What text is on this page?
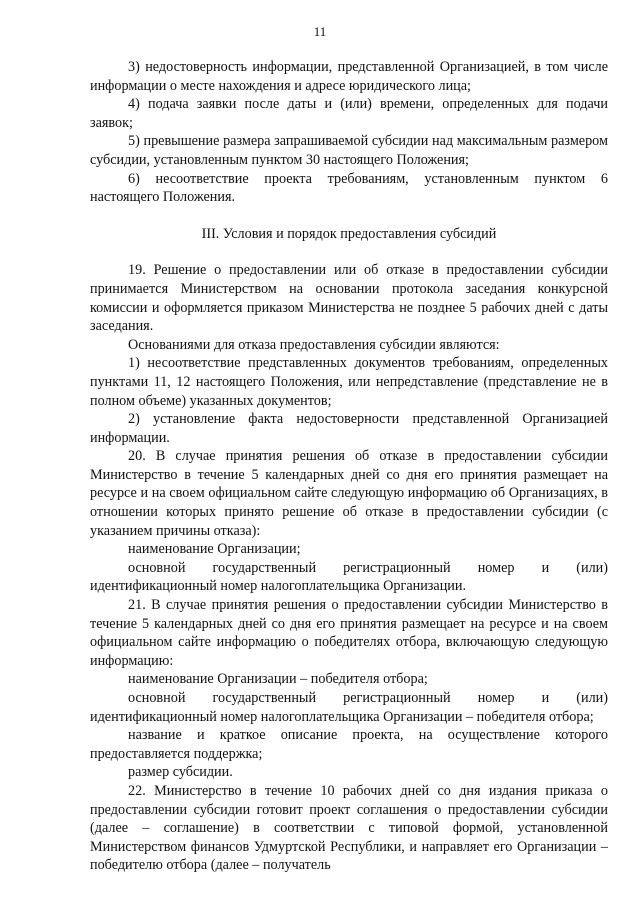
11

3) недостоверность информации, представленной Организацией, в том числе информации о месте нахождения и адресе юридического лица;

4) подача заявки после даты и (или) времени, определенных для подачи заявок;

5) превышение размера запрашиваемой субсидии над максимальным размером субсидии, установленным пунктом 30 настоящего Положения;

6) несоответствие проекта требованиям, установленным пунктом 6 настоящего Положения.

III. Условия и порядок предоставления субсидий

19. Решение о предоставлении или об отказе в предоставлении субсидии принимается Министерством на основании протокола заседания конкурсной комиссии и оформляется приказом Министерства не позднее 5 рабочих дней с даты заседания.

Основаниями для отказа предоставления субсидии являются:

1) несоответствие представленных документов требованиям, определенных пунктами 11, 12 настоящего Положения, или непредставление (представление не в полном объеме) указанных документов;

2) установление факта недостоверности представленной Организацией информации.

20. В случае принятия решения об отказе в предоставлении субсидии Министерство в течение 5 календарных дней со дня его принятия размещает на ресурсе и на своем официальном сайте следующую информацию об Организациях, в отношении которых принято решение об отказе в предоставлении субсидии (с указанием причины отказа):

наименование Организации;

основной государственный регистрационный номер и (или) идентификационный номер налогоплательщика Организации.

21. В случае принятия решения о предоставлении субсидии Министерство в течение 5 календарных дней со дня его принятия размещает на ресурсе и на своем официальном сайте информацию о победителях отбора, включающую следующую информацию:

наименование Организации – победителя отбора;

основной государственный регистрационный номер и (или) идентификационный номер налогоплательщика Организации – победителя отбора;

название и краткое описание проекта, на осуществление которого предоставляется поддержка;

размер субсидии.

22. Министерство в течение 10 рабочих дней со дня издания приказа о предоставлении субсидии готовит проект соглашения о предоставлении субсидии (далее – соглашение) в соответствии с типовой формой, установленной Министерством финансов Удмуртской Республики, и направляет его Организации – победителю отбора (далее – получатель
